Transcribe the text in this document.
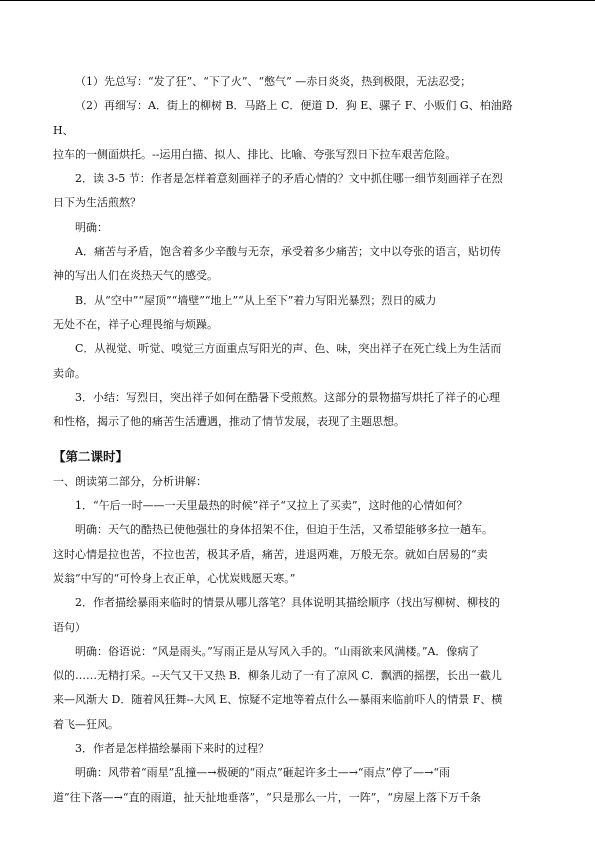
（1）先总写：“发了狂”、“下了火”、“憋气” —赤日炎炎，热到极限，无法忍受；

（2）再细写：A．街上的柳树 B．马路上 C．便道 D．狗 E、骡子 F、小贩们 G、柏油路

H、

拉车的一侧面烘托。--运用白描、拟人、排比、比喻、夸张写烈日下拉车艰苦危险。

2．读 3-5 节：作者是怎样着意刻画祥子的矛盾心情的？文中抓住哪一细节刻画祥子在烈

日下为生活煎熬？

明确：

A．痛苦与矛盾，饱含着多少辛酸与无奈，承受着多少痛苦；文中以夸张的语言，贴切传

神的写出人们在炎热天气的感受。

B．从“空中”“屋顶”“墙壁”“地上”“从上至下”着力写阳光暴烈；烈日的威力

无处不在，祥子心理畏缩与烦躁。

C．从视觉、听觉、嗅觉三方面重点写阳光的声、色、味，突出祥子在死亡线上为生活而

卖命。

3．小结：写烈日，突出祥子如何在酷暑下受煎熬。这部分的景物描写烘托了祥子的心理

和性格，揭示了他的痛苦生活遭遇，推动了情节发展，表现了主题思想。

【第二课时】

一、朗读第二部分，分析讲解：

1．“午后一时——一天里最热的时候”祥子“又拉上了买卖”，这时他的心情如何？

明确：天气的酷热已使他强壮的身体招架不住，但迫于生活，又希望能够多拉一趟车。

这时心情是拉也苦，不拉也苦，极其矛盾，痛苦，进退两难，万般无奈。就如白居易的“卖

炭翁”中写的“可怜身上衣正单，心忧炭贱愿天寒。”

2．作者描绘暴雨来临时的情景从哪儿落笔？具体说明其描绘顺序（找出写柳树、柳枝的

语句）

明确：俗语说：“风是雨头。”写雨正是从写风入手的。“山雨欲来风满楼。”A．像病了

似的……无精打采。--天气又干又热 B．柳条儿动了一有了凉风 C．飘洒的摇摆，长出一截儿

来—风渐大 D．随着风狂舞--大风 E、惊疑不定地等着点什么—暴雨来临前吓人的情景 F、横

着飞—狂风。

3．作者是怎样描绘暴雨下来时的过程？

明确：风带着“雨星”乱撞—→极硬的“雨点”砸起许多土—→“雨点”停了—→“雨

道”往下落—→“直的雨道，扯天扯地垂落”，“只是那么一片，一阵”，“房屋上落下万千条
